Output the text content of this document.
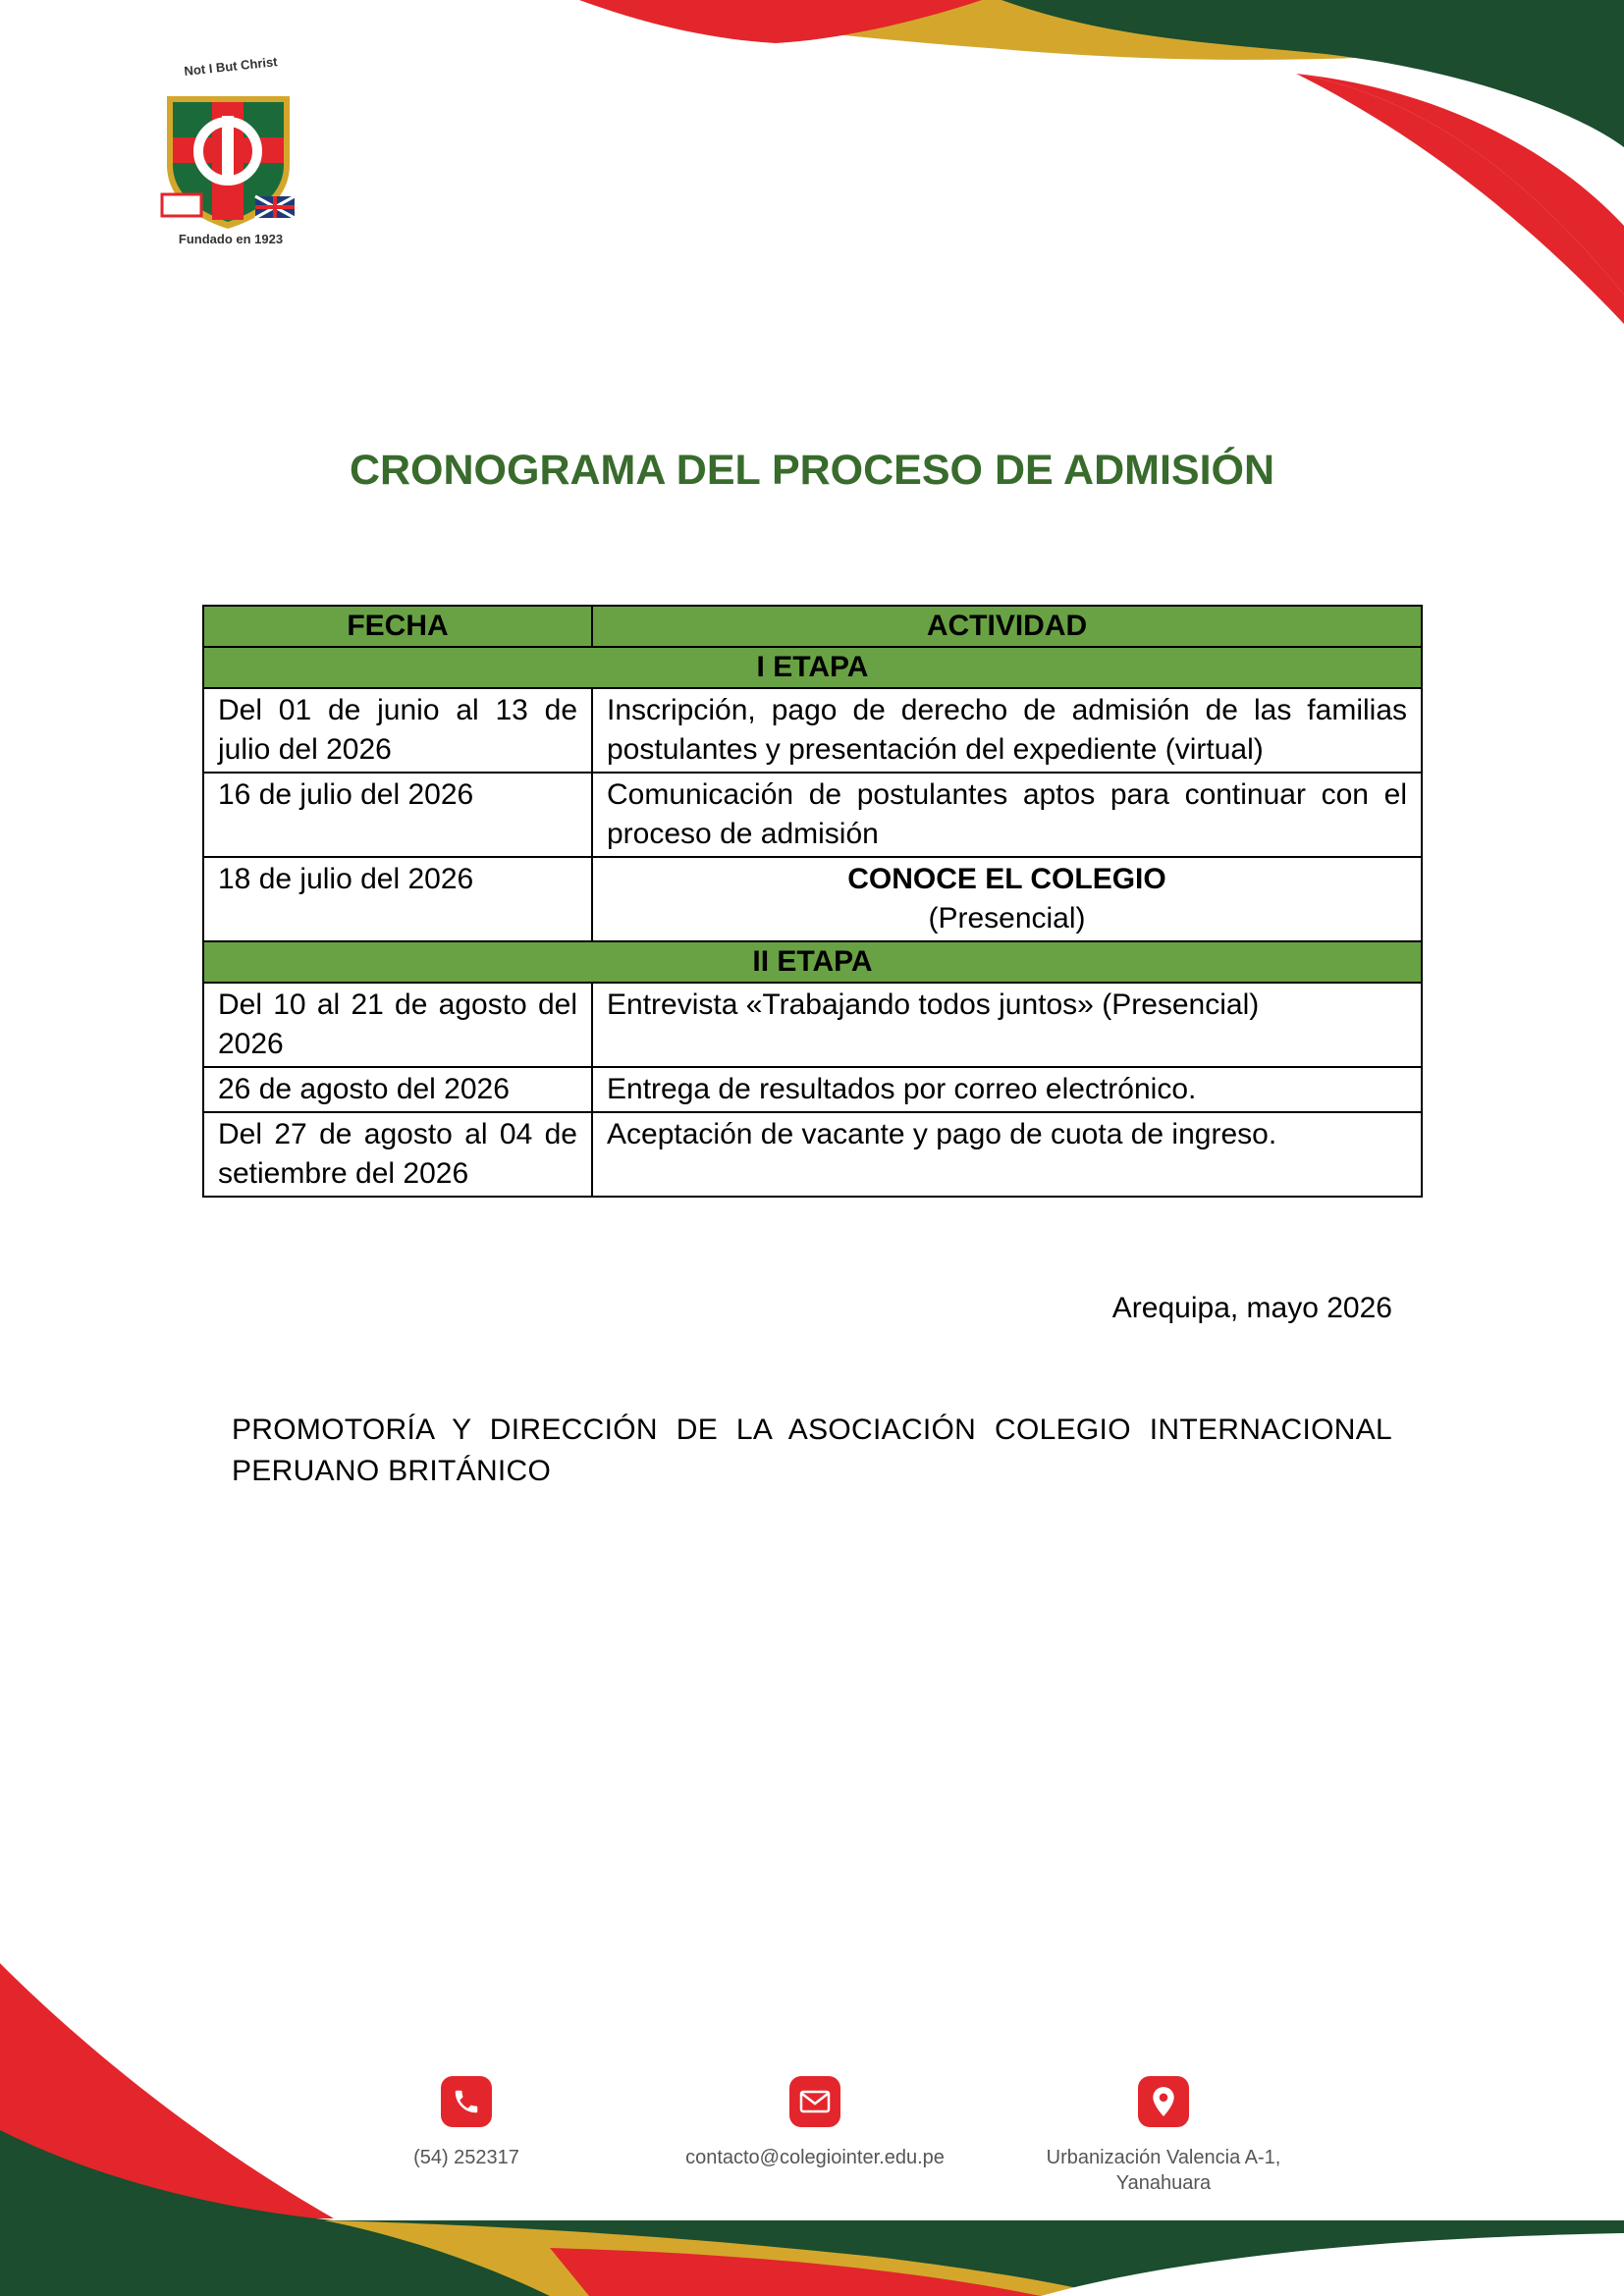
Not I But Christ
Fundado en 1923
CRONOGRAMA DEL PROCESO DE ADMISIÓN
FECHA	ACTIVIDAD
I ETAPA	
Del 01 de junio al 13 de julio del 2026	Inscripción, pago de derecho de admisión de las familias postulantes y presentación del expediente (virtual)
16 de julio del 2026	Comunicación de postulantes aptos para continuar con el proceso de admisión
18 de julio del 2026	CONOCE EL COLEGIO
(Presencial)

II ETAPA	
Del 10 al 21 de agosto del 2026	Entrevista «Trabajando todos juntos» (Presencial)
26 de agosto del 2026	Entrega de resultados por correo electrónico.
Del 27 de agosto al 04 de setiembre del 2026	Aceptación de vacante y pago de cuota de ingreso.
Arequipa, mayo 2026
PROMOTORÍA Y DIRECCIÓN DE LA ASOCIACIÓN COLEGIO INTERNACIONAL PERUANO BRITÁNICO
(54) 252317	contacto@colegiointer.edu.pe	Urbanización Valencia A-1,
Yanahuara
